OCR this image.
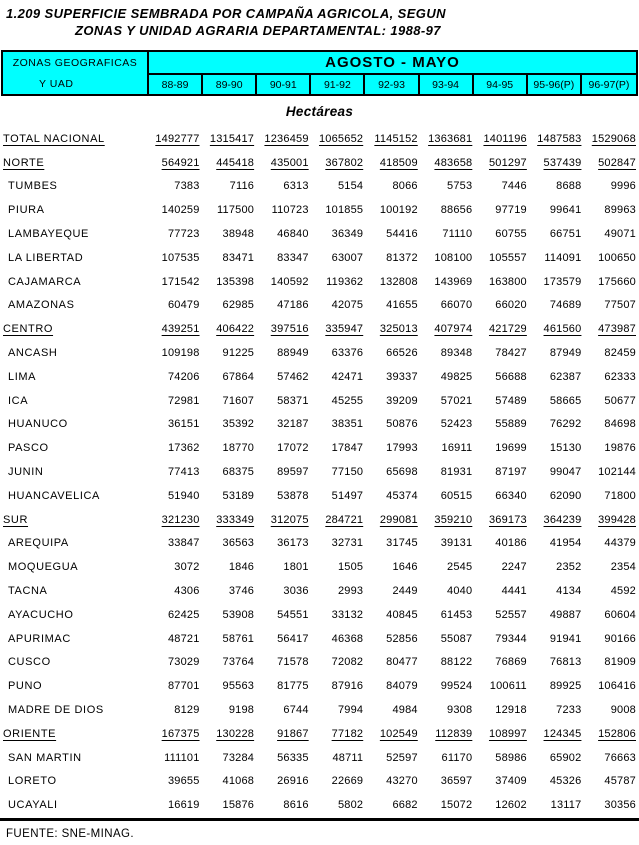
1.209 SUPERFICIE SEMBRADA POR CAMPAÑA AGRICOLA, SEGUN
ZONAS Y UNIDAD AGRARIA DEPARTAMENTAL: 1988-97
ZONAS GEOGRAFICAS
Y UAD
AGOSTO - MAYO
88-89	89-90	90-91	91-92	92-93	93-94	94-95	95-96(P)	96-97(P)
Hectáreas
TOTAL NACIONAL	1492777 1315417 1236459 1065652	1145152 1363681	1401196 1487583 1529068
NORTE	564921	445418	435001	367802	418509	483658	501297	537439	502847
TUMBES	7383	7116	6313	5154	8066	5753	7446	8688	9996
PIURA	140259	117500	110723	101855	100192	88656	97719	99641	89963
LAMBAYEQUE	77723	38948	46840	36349	54416	71110	60755	66751	49071
LA LIBERTAD	107535	83471	83347	63007	81372	108100	105557	114091	100650
CAJAMARCA	171542	135398	140592	119362	132808	143969	163800	173579	175660
AMAZONAS	60479	62985	47186	42075	41655	66070	66020	74689	77507
CENTRO	439251	406422	397516	335947	325013	407974	421729	461560	473987
ANCASH	109198	91225	88949	63376	66526	89348	78427	87949	82459
LIMA	74206	67864	57462	42471	39337	49825	56688	62387	62333
ICA	72981	71607	58371	45255	39209	57021	57489	58665	50677
HUANUCO	36151	35392	32187	38351	50876	52423	55889	76292	84698
PASCO	17362	18770	17072	17847	17993	16911	19699	15130	19876
JUNIN	77413	68375	89597	77150	65698	81931	87197	99047	102144
HUANCAVELICA	51940	53189	53878	51497	45374	60515	66340	62090	71800
SUR	321230	333349	312075	284721	299081	359210	369173	364239	399428
AREQUIPA	33847	36563	36173	32731	31745	39131	40186	41954	44379
MOQUEGUA	3072	1846	1801	1505	1646	2545	2247	2352	2354
TACNA	4306	3746	3036	2993	2449	4040	4441	4134	4592
AYACUCHO	62425	53908	54551	33132	40845	61453	52557	49887	60604
APURIMAC	48721	58761	56417	46368	52856	55087	79344	91941	90166
CUSCO	73029	73764	71578	72082	80477	88122	76869	76813	81909
PUNO	87701	95563	81775	87916	84079	99524	100611	89925	106416
MADRE DE DIOS	8129	9198	6744	7994	4984	9308	12918	7233	9008
ORIENTE	167375	130228	91867	77182	102549	112839	108997	124345	152806
SAN MARTIN	111101	73284	56335	48711	52597	61170	58986	65902	76663
LORETO	39655	41068	26916	22669	43270	36597	37409	45326	45787
UCAYALI	16619	15876	8616	5802	6682	15072	12602	13117	30356
FUENTE: SNE-MINAG.
